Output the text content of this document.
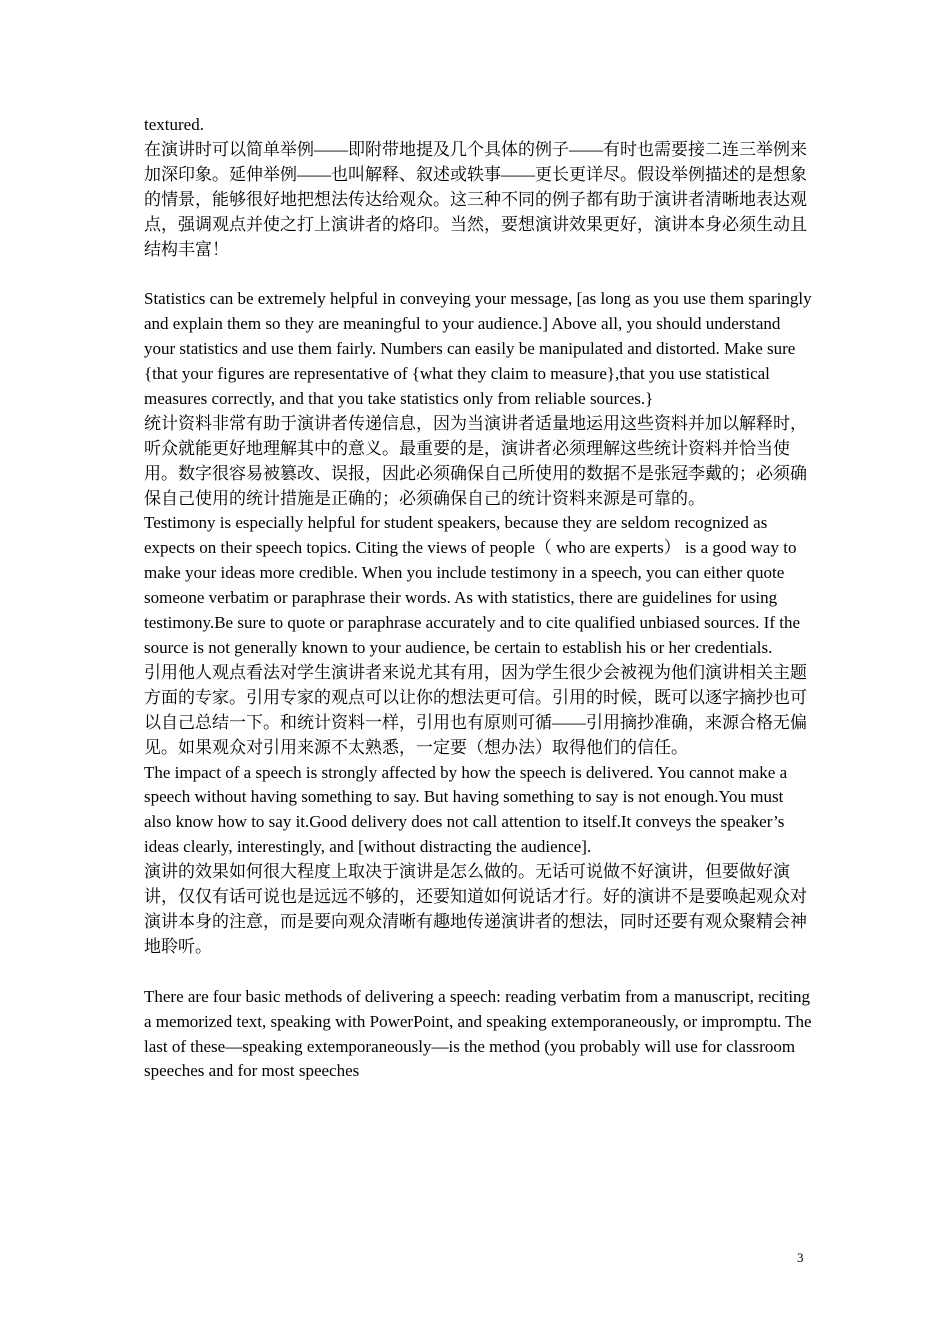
textured.

在演讲时可以简单举例——即附带地提及几个具体的例子——有时也需要接二连三举例来加深印象。延伸举例——也叫解释、叙述或轶事——更长更详尽。假设举例描述的是想象的情景，能够很好地把想法传达给观众。这三种不同的例子都有助于演讲者清晰地表达观点，强调观点并使之打上演讲者的烙印。当然，要想演讲效果更好，演讲本身必须生动且结构丰富！

Statistics can be extremely helpful in conveying your message, [as long as you use them sparingly and explain them so they are meaningful to your audience.] Above all, you should understand your statistics and use them fairly. Numbers can easily be manipulated and distorted. Make sure {that your figures are representative of {what they claim to measure},that you use statistical measures correctly, and that you take statistics only from reliable sources.}

统计资料非常有助于演讲者传递信息，因为当演讲者适量地运用这些资料并加以解释时，听众就能更好地理解其中的意义。最重要的是，演讲者必须理解这些统计资料并恰当使用。数字很容易被篡改、误报，因此必须确保自己所使用的数据不是张冠李戴的；必须确保自己使用的统计措施是正确的；必须确保自己的统计资料来源是可靠的。

Testimony is especially helpful for student speakers, because they are seldom recognized as expects on their speech topics. Citing the views of people（ who are experts） is a good way to make your ideas more credible. When you include testimony in a speech, you can either quote someone verbatim or paraphrase their words. As with statistics, there are guidelines for using testimony.Be sure to quote or paraphrase accurately and to cite qualified unbiased sources. If the source is not generally known to your audience, be certain to establish his or her credentials.

引用他人观点看法对学生演讲者来说尤其有用，因为学生很少会被视为他们演讲相关主题方面的专家。引用专家的观点可以让你的想法更可信。引用的时候，既可以逐字摘抄也可以自己总结一下。和统计资料一样，引用也有原则可循——引用摘抄准确，来源合格无偏见。如果观众对引用来源不太熟悉，一定要（想办法）取得他们的信任。

The impact of a speech is strongly affected by how the speech is delivered. You cannot make a speech without having something to say. But having something to say is not enough.You must also know how to say it.Good delivery does not call attention to itself.It conveys the speaker’s ideas clearly, interestingly, and [without distracting the audience].

演讲的效果如何很大程度上取决于演讲是怎么做的。无话可说做不好演讲，但要做好演讲，仅仅有话可说也是远远不够的，还要知道如何说话才行。好的演讲不是要唤起观众对演讲本身的注意，而是要向观众清晰有趣地传递演讲者的想法，同时还要有观众聚精会神地聆听。

There are four basic methods of delivering a speech: reading verbatim from a manuscript, reciting a memorized text, speaking with PowerPoint, and speaking extemporaneously, or impromptu. The last of these—speaking extemporaneously—is the method (you probably will use for classroom speeches and for most speeches

3
